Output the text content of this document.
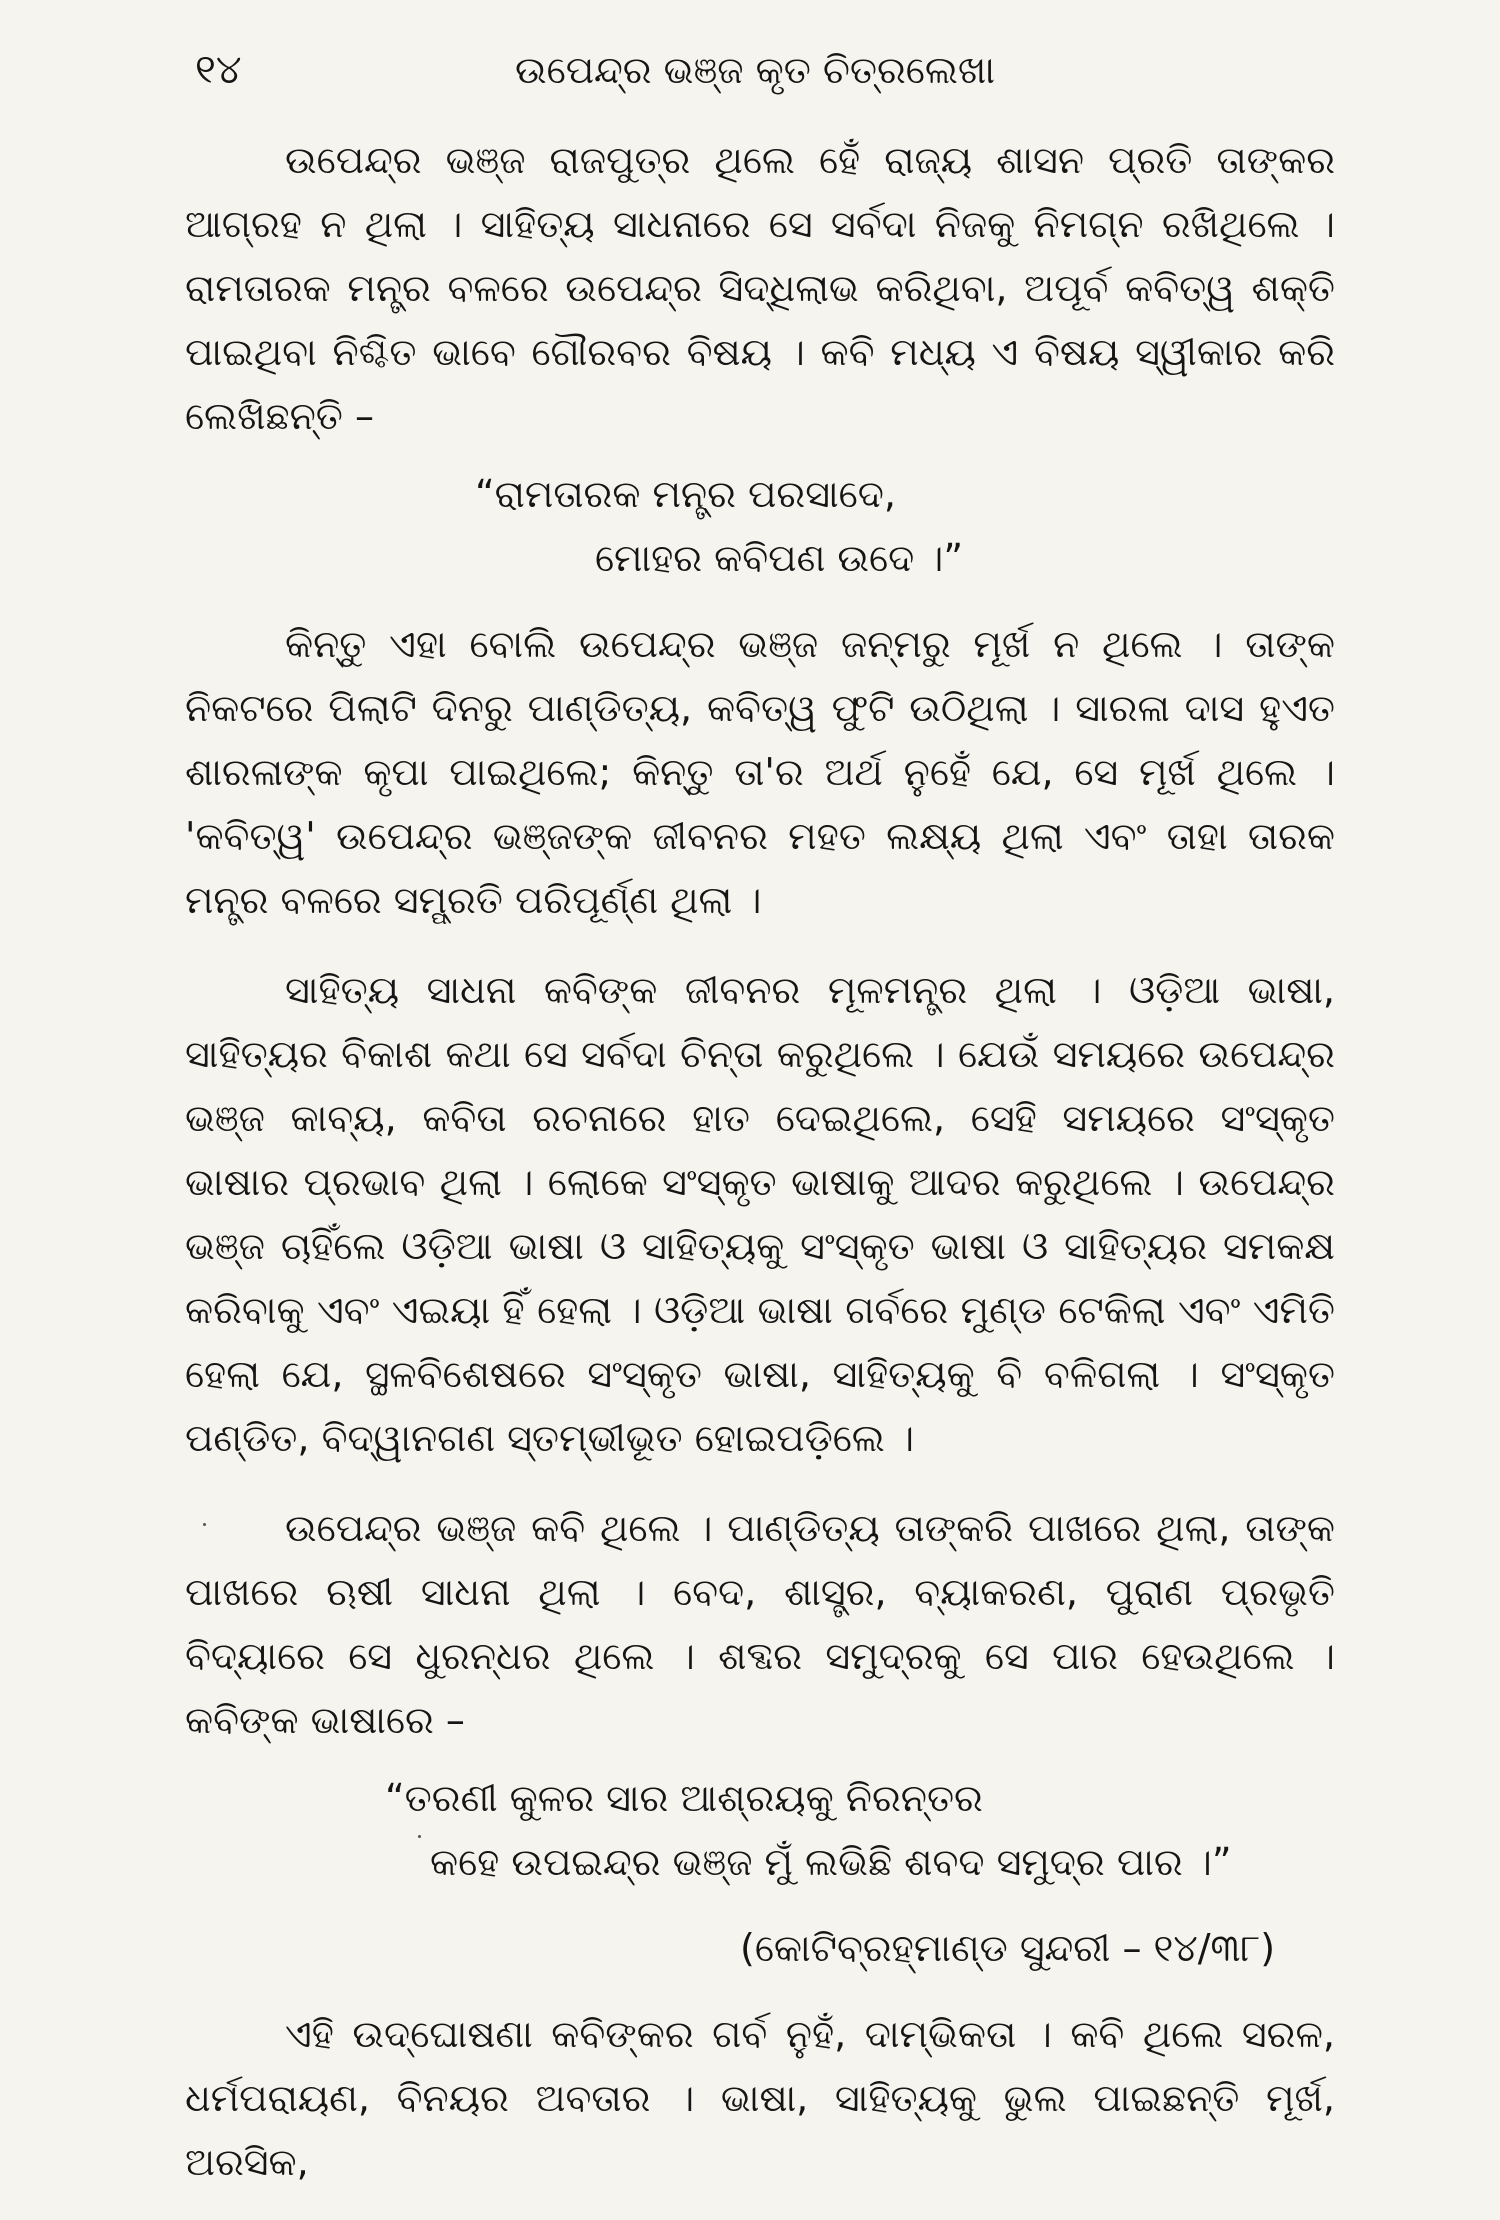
୧୪	ଉପେନ୍ଦ୍ର ଭଞ୍ଜ କୃତ ଚିତ୍ରଲେଖା

ଉପେନ୍ଦ୍ର ଭଞ୍ଜ ରାଜପୁତ୍ର ଥିଲେ ହେଁ ରାଜ୍ୟ ଶାସନ ପ୍ରତି ତାଙ୍କର ଆଗ୍ରହ ନ ଥିଲା । ସାହିତ୍ୟ ସାଧନାରେ ସେ ସର୍ବଦା ନିଜକୁ ନିମଗ୍ନ ରଖିଥିଲେ । ରାମତାରକ ମନ୍ତ୍ର ବଳରେ ଉପେନ୍ଦ୍ର ସିଦ୍ଧିଲାଭ କରିଥିବା, ଅପୂର୍ବ କବିତ୍ୱ ଶକ୍ତି ପାଇଥିବା ନିଶ୍ଚିତ ଭାବେ ଗୌରବର ବିଷୟ । କବି ମଧ୍ୟ ଏ ବିଷୟ ସ୍ୱୀକାର କରି ଲେଖିଛନ୍ତି –

“ରାମତାରକ ମନ୍ତ୍ର ପରସାଦେ,

ମୋହର କବିପଣ ଉଦେ ।”

କିନ୍ତୁ ଏହା ବୋଲି ଉପେନ୍ଦ୍ର ଭଞ୍ଜ ଜନ୍ମରୁ ମୂର୍ଖ ନ ଥିଲେ । ତାଙ୍କ ନିକଟରେ ପିଲାଟି ଦିନରୁ ପାଣ୍ଡିତ୍ୟ, କବିତ୍ୱ ଫୁଟି ଉଠିଥିଲା । ସାରଳା ଦାସ ହୁଏତ ଶାରଳାଙ୍କ କୃପା ପାଇଥିଲେ; କିନ୍ତୁ ତା'ର ଅର୍ଥ ନୁହେଁ ଯେ, ସେ ମୂର୍ଖ ଥିଲେ । 'କବିତ୍ୱ' ଉପେନ୍ଦ୍ର ଭଞ୍ଜଙ୍କ ଜୀବନର ମହତ ଲକ୍ଷ୍ୟ ଥିଲା ଏବଂ ତାହା ତାରକ ମନ୍ତ୍ର ବଳରେ ସମ୍ପ୍ରତି ପରିପୂର୍ଣ୍ଣ ଥିଲା ।

ସାହିତ୍ୟ ସାଧନା କବିଙ୍କ ଜୀବନର ମୂଳମନ୍ତ୍ର ଥିଲା । ଓଡ଼ିଆ ଭାଷା, ସାହିତ୍ୟର ବିକାଶ କଥା ସେ ସର୍ବଦା ଚିନ୍ତା କରୁଥିଲେ । ଯେଉଁ ସମୟରେ ଉପେନ୍ଦ୍ର ଭଞ୍ଜ କାବ୍ୟ, କବିତା ରଚନାରେ ହାତ ଦେଇଥିଲେ, ସେହି ସମୟରେ ସଂସ୍କୃତ ଭାଷାର ପ୍ରଭାବ ଥିଲା । ଲୋକେ ସଂସ୍କୃତ ଭାଷାକୁ ଆଦର କରୁଥିଲେ । ଉପେନ୍ଦ୍ର ଭଞ୍ଜ ଚାହିଁଲେ ଓଡ଼ିଆ ଭାଷା ଓ ସାହିତ୍ୟକୁ ସଂସ୍କୃତ ଭାଷା ଓ ସାହିତ୍ୟର ସମକକ୍ଷ କରିବାକୁ ଏବଂ ଏଇୟା ହିଁ ହେଲା । ଓଡ଼ିଆ ଭାଷା ଗର୍ବରେ ମୁଣ୍ଡ ଟେକିଲା ଏବଂ ଏମିତି ହେଲା ଯେ, ସ୍ଥଳବିଶେଷରେ ସଂସ୍କୃତ ଭାଷା, ସାହିତ୍ୟକୁ ବି ବଳିଗଲା । ସଂସ୍କୃତ ପଣ୍ଡିତ, ବିଦ୍ୱାନଗଣ ସ୍ତମ୍ଭୀଭୂତ ହୋଇପଡ଼ିଲେ ।

ଉପେନ୍ଦ୍ର ଭଞ୍ଜ କବି ଥିଲେ । ପାଣ୍ଡିତ୍ୟ ତାଙ୍କରି ପାଖରେ ଥିଲା, ତାଙ୍କ ପାଖରେ ଋଷୀ ସାଧନା ଥିଲା । ବେଦ, ଶାସ୍ତ୍ର, ବ୍ୟାକରଣ, ପୁରାଣ ପ୍ରଭୃତି ବିଦ୍ୟାରେ ସେ ଧୁରନ୍ଧର ଥିଲେ । ଶବ୍ଦର ସମୁଦ୍ରକୁ ସେ ପାର ହେଉଥିଲେ । କବିଙ୍କ ଭାଷାରେ –

“ତରଣୀ କୁଳର ସାର ଆଶ୍ରୟକୁ ନିରନ୍ତର

କହେ ଉପଇନ୍ଦ୍ର ଭଞ୍ଜ ମୁଁ ଲଭିଛି ଶବଦ ସମୁଦ୍ର ପାର ।”

(କୋଟିବ୍ରହ୍ମାଣ୍ଡ ସୁନ୍ଦରୀ – ୧୪/୩୮)

ଏହି ଉଦ୍‌ଘୋଷଣା କବିଙ୍କର ଗର୍ବ ନୁହଁ, ଦାମ୍ଭିକତା । କବି ଥିଲେ ସରଳ, ଧର୍ମପରାୟଣ, ବିନୟର ଅବତାର । ଭାଷା, ସାହିତ୍ୟକୁ ଭୁଲ ପାଇଛନ୍ତି ମୂର୍ଖ, ଅରସିକ,
